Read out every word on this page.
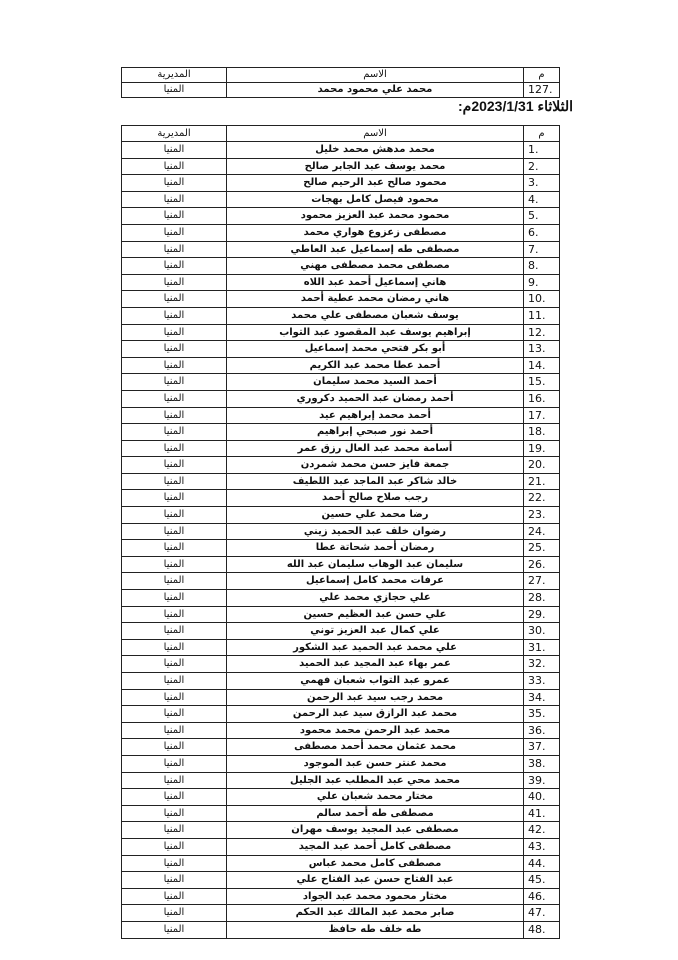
المديرية	الاسم	م
المنيا	محمد علي محمود محمد	127.
الثلاثاء 2023/1/31م:
المديرية	الاسم	م
المنيا	محمد مدهش محمد خليل	1.
المنيا	محمد يوسف عبد الجابر صالح	2.
المنيا	محمود صالح عبد الرحيم صالح	3.
المنيا	محمود فيصل كامل بهجات	4.
المنيا	محمود محمد عبد العزيز محمود	5.
المنيا	مصطفى زعزوع هواري محمد	6.
المنيا	مصطفى طه إسماعيل عبد العاطي	7.
المنيا	مصطفى محمد مصطفى مهني	8.
المنيا	هاني إسماعيل أحمد عبد اللاه	9.
المنيا	هاني رمضان محمد عطية أحمد	10.
المنيا	يوسف شعبان مصطفى علي محمد	11.
المنيا	إبراهيم يوسف عبد المقصود عبد التواب	12.
المنيا	أبو بكر فتحي محمد إسماعيل	13.
المنيا	أحمد عطا محمد عبد الكريم	14.
المنيا	أحمد السيد محمد سليمان	15.
المنيا	أحمد رمضان عبد الحميد دكروري	16.
المنيا	أحمد محمد إبراهيم عيد	17.
المنيا	أحمد نور صبحي إبراهيم	18.
المنيا	أسامة محمد عبد العال رزق عمر	19.
المنيا	جمعة فايز حسن محمد شمردن	20.
المنيا	خالد شاكر عبد الماجد عبد اللطيف	21.
المنيا	رجب صلاح صالح أحمد	22.
المنيا	رضا محمد علي حسين	23.
المنيا	رضوان خلف عبد الحميد زيني	24.
المنيا	رمضان أحمد شحاتة عطا	25.
المنيا	سليمان عبد الوهاب سليمان عبد الله	26.
المنيا	عرفات محمد كامل إسماعيل	27.
المنيا	علي حجازي محمد علي	28.
المنيا	علي حسن عبد العظيم حسين	29.
المنيا	علي كمال عبد العزيز توني	30.
المنيا	علي محمد عبد الحميد عبد الشكور	31.
المنيا	عمر بهاء عبد المجيد عبد الحميد	32.
المنيا	عمرو عبد التواب شعبان فهمي	33.
المنيا	محمد رجب سيد عبد الرحمن	34.
المنيا	محمد عبد الرازق سيد عبد الرحمن	35.
المنيا	محمد عبد الرحمن محمد محمود	36.
المنيا	محمد عثمان محمد أحمد مصطفى	37.
المنيا	محمد عنتر حسن عبد الموجود	38.
المنيا	محمد محي عبد المطلب عبد الجليل	39.
المنيا	مختار محمد شعبان علي	40.
المنيا	مصطفى طه أحمد سالم	41.
المنيا	مصطفى عبد المجيد يوسف مهران	42.
المنيا	مصطفى كامل أحمد عبد المجيد	43.
المنيا	مصطفى كامل محمد عباس	44.
المنيا	عبد الفتاح حسن عبد الفتاح علي	45.
المنيا	مختار محمود محمد عبد الجواد	46.
المنيا	صابر محمد عبد المالك عبد الحكم	47.
المنيا	طه خلف طه حافظ	48.
